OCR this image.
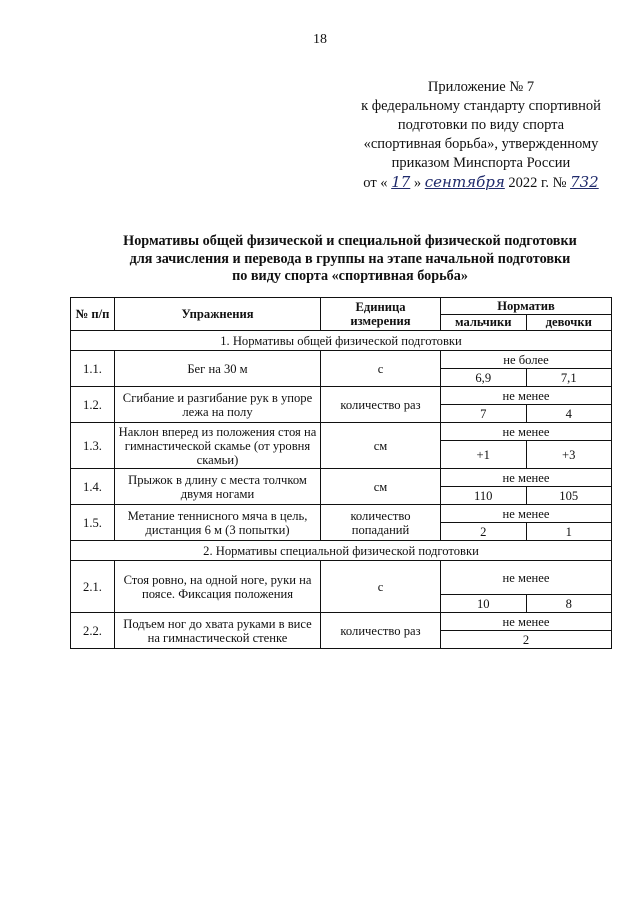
18
Приложение № 7
к федеральному стандарту спортивной
подготовки по виду спорта
«спортивная борьба», утвержденному
приказом Минспорта России
от « 17 » сентября 2022 г. № 732
Нормативы общей физической и специальной физической подготовки
для зачисления и перевода в группы на этапе начальной подготовки
по виду спорта «спортивная борьба»
№ п/п	Упражнения	Единица измерения	Норматив	
			мальчики	девочки
1. Нормативы общей физической подготовки				
1.1.	Бег на 30 м	с	не более	
			6,9	7,1
1.2.	Сгибание и разгибание рук в упоре лежа на полу	количество раз	не менее	
			7	4
1.3.	Наклон вперед из положения стоя на гимнастической скамье (от уровня скамьи)	см	не менее	
			+1	+3
1.4.	Прыжок в длину с места толчком двумя ногами	см	не менее	
			110	105
1.5.	Метание теннисного мяча в цель, дистанция 6 м (3 попытки)	количество попаданий	не менее	
			2	1
2. Нормативы специальной физической подготовки				
2.1.	Стоя ровно, на одной ноге, руки на поясе. Фиксация положения	с	не менее	
			10	8
2.2.	Подъем ног до хвата руками в висе на гимнастической стенке	количество раз	не менее	
			2	
